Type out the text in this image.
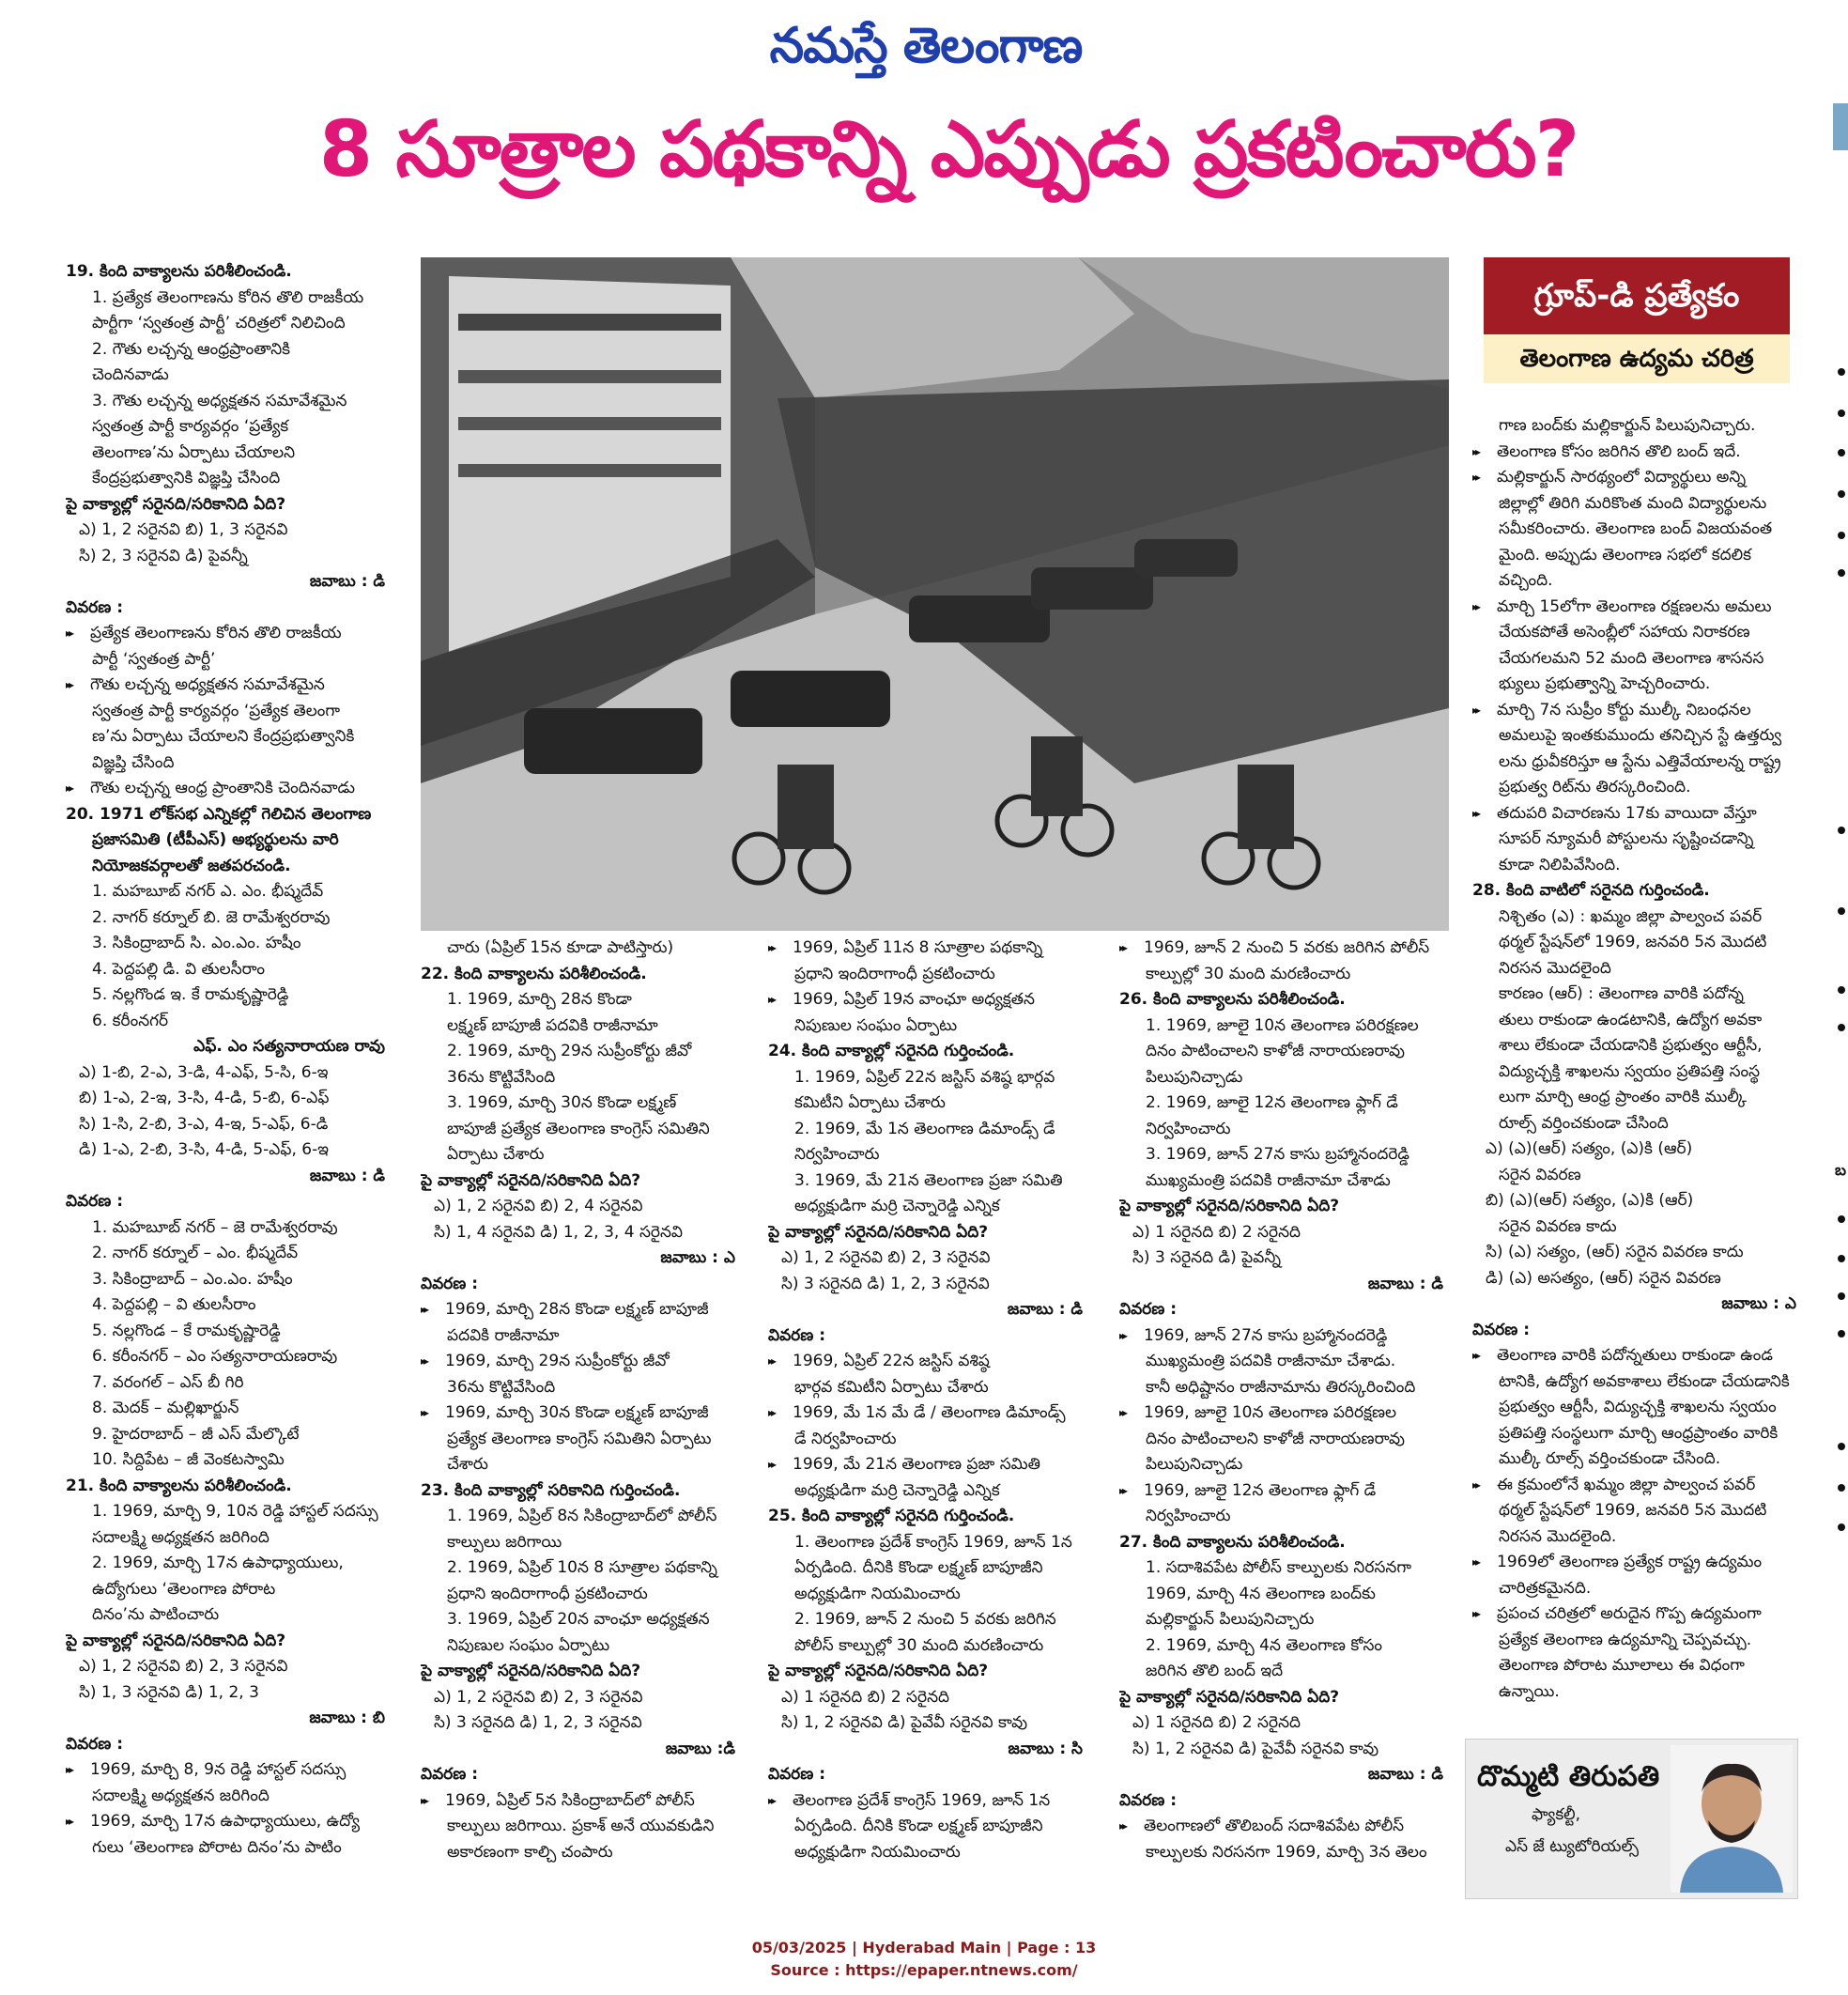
నమస్తే తెలంగాణ
8 సూత్రాల పథకాన్ని ఎప్పుడు ప్రకటించారు?
19. కింది వాక్యాలను పరిశీలించండి.
1. ప్రత్యేక తెలంగాణను కోరిన తొలి రాజకీయ
పార్టీగా ‘స్వతంత్ర పార్టీ’ చరిత్రలో నిలిచింది
2. గౌతు లచ్చన్న ఆంధ్రప్రాంతానికి
చెందినవాడు
3. గౌతు లచ్చన్న అధ్యక్షతన సమావేశమైన
స్వతంత్ర పార్టీ కార్యవర్గం ‘ప్రత్యేక
తెలంగాణ’ను ఏర్పాటు చేయాలని
కేంద్రప్రభుత్వానికి విజ్ఞప్తి చేసింది
పై వాక్యాల్లో సరైనది/సరికానిది ఏది?
ఎ) 1, 2 సరైనవి బి) 1, 3 సరైనవి
సి) 2, 3 సరైనవి డి) పైవన్నీ
జవాబు : డి
వివరణ :
▸▸ ప్రత్యేక తెలంగాణను కోరిన తొలి రాజకీయ
పార్టీ ‘స్వతంత్ర పార్టీ’
▸▸ గౌతు లచ్చన్న అధ్యక్షతన సమావేశమైన
స్వతంత్ర పార్టీ కార్యవర్గం ‘ప్రత్యేక తెలంగా
ణ’ను ఏర్పాటు చేయాలని కేంద్రప్రభుత్వానికి
విజ్ఞప్తి చేసింది
▸▸ గౌతు లచ్చన్న ఆంధ్ర ప్రాంతానికి చెందినవాడు
20. 1971 లోక్‌సభ ఎన్నికల్లో గెలిచిన తెలంగాణ
ప్రజాసమితి (టీపీఎస్‌) అభ్యర్థులను వారి
నియోజకవర్గాలతో జతపరచండి.
1. మహబూబ్‌ నగర్‌ ఎ. ఎం. భీష్మదేవ్‌
2. నాగర్‌ కర్నూల్‌ బి. జె రామేశ్వరరావు
3. సికింద్రాబాద్‌ సి. ఎం.ఎం. హషీం
4. పెద్దపల్లి డి. వి తులసీరాం
5. నల్లగొండ ఇ. కే రామకృష్ణారెడ్డి
6. కరీంనగర్‌
ఎఫ్‌. ఎం సత్యనారాయణ రావు
ఎ) 1-బి, 2-ఎ, 3-డి, 4-ఎఫ్‌, 5-సి, 6-ఇ
బి) 1-ఎ, 2-ఇ, 3-సి, 4-డి, 5-బి, 6-ఎఫ్‌
సి) 1-సి, 2-బి, 3-ఎ, 4-ఇ, 5-ఎఫ్‌, 6-డి
డి) 1-ఎ, 2-బి, 3-సి, 4-డి, 5-ఎఫ్‌, 6-ఇ
జవాబు : డి
వివరణ :
1. మహబూబ్‌ నగర్‌ – జె రామేశ్వరరావు
2. నాగర్‌ కర్నూల్‌ – ఎం. భీష్మదేవ్‌
3. సికింద్రాబాద్‌ – ఎం.ఎం. హషీం
4. పెద్దపల్లి – వి తులసీరాం
5. నల్లగొండ – కే రామకృష్ణారెడ్డి
6. కరీంనగర్‌ – ఎం సత్యనారాయణరావు
7. వరంగల్‌ – ఎస్‌ బీ గిరి
8. మెదక్‌ – మల్లిఖార్జున్‌
9. హైదరాబాద్‌ – జీ ఎస్‌ మేల్కొటే
10. సిద్దిపేట – జీ వెంకటస్వామి
21. కింది వాక్యాలను పరిశీలించండి.
1. 1969, మార్చి 9, 10న రెడ్డి హాస్టల్‌ సదస్సు
సదాలక్ష్మి అధ్యక్షతన జరిగింది
2. 1969, మార్చి 17న ఉపాధ్యాయులు,
ఉద్యోగులు ‘తెలంగాణ పోరాట
దినం’ను పాటించారు
పై వాక్యాల్లో సరైనది/సరికానిది ఏది?
ఎ) 1, 2 సరైనవి బి) 2, 3 సరైనవి
సి) 1, 3 సరైనవి డి) 1, 2, 3
జవాబు : బి
వివరణ :
▸▸ 1969, మార్చి 8, 9న రెడ్డి హాస్టల్‌ సదస్సు
సదాలక్ష్మి అధ్యక్షతన జరిగింది
▸▸ 1969, మార్చి 17న ఉపాధ్యాయులు, ఉద్యో
గులు ‘తెలంగాణ పోరాట దినం’ను పాటిం
గ్రూప్‌-డి ప్రత్యేకం
తెలంగాణ ఉద్యమ చరిత్ర
చారు (ఏప్రిల్‌ 15న కూడా పాటిస్తారు)
22. కింది వాక్యాలను పరిశీలించండి.
1. 1969, మార్చి 28న కొండా
లక్ష్మణ్‌ బాపూజీ పదవికి రాజీనామా
2. 1969, మార్చి 29న సుప్రీంకోర్టు జీవో
36ను కొట్టివేసింది
3. 1969, మార్చి 30న కొండా లక్ష్మణ్‌
బాపూజీ ప్రత్యేక తెలంగాణ కాంగ్రెస్‌ సమితిని
ఏర్పాటు చేశారు
పై వాక్యాల్లో సరైనది/సరికానిది ఏది?
ఎ) 1, 2 సరైనవి బి) 2, 4 సరైనవి
సి) 1, 4 సరైనవి డి) 1, 2, 3, 4 సరైనవి
జవాబు : ఎ
వివరణ :
▸▸ 1969, మార్చి 28న కొండా లక్ష్మణ్‌ బాపూజీ
పదవికి రాజీనామా
▸▸ 1969, మార్చి 29న సుప్రీంకోర్టు జీవో
36ను కొట్టివేసింది
▸▸ 1969, మార్చి 30న కొండా లక్ష్మణ్‌ బాపూజీ
ప్రత్యేక తెలంగాణ కాంగ్రెస్‌ సమితిని ఏర్పాటు
చేశారు
23. కింది వాక్యాల్లో సరికానిది గుర్తించండి.
1. 1969, ఏప్రిల్‌ 8న సికింద్రాబాద్‌లో పోలీస్‌
కాల్పులు జరిగాయి
2. 1969, ఏప్రిల్‌ 10న 8 సూత్రాల పథకాన్ని
ప్రధాని ఇందిరాగాంధీ ప్రకటించారు
3. 1969, ఏప్రిల్‌ 20న వాంఛూ అధ్యక్షతన
నిపుణుల సంఘం ఏర్పాటు
పై వాక్యాల్లో సరైనది/సరికానిది ఏది?
ఎ) 1, 2 సరైనవి బి) 2, 3 సరైనవి
సి) 3 సరైనది డి) 1, 2, 3 సరైనవి
జవాబు :డి
వివరణ :
▸▸ 1969, ఏప్రిల్‌ 5న సికింద్రాబాద్‌లో పోలీస్‌
కాల్పులు జరిగాయి. ప్రకాశ్‌ అనే యువకుడిని
అకారణంగా కాల్చి చంపారు
▸▸ 1969, ఏప్రిల్‌ 11న 8 సూత్రాల పథకాన్ని
ప్రధాని ఇందిరాగాంధీ ప్రకటించారు
▸▸ 1969, ఏప్రిల్‌ 19న వాంఛూ అధ్యక్షతన
నిపుణుల సంఘం ఏర్పాటు
24. కింది వాక్యాల్లో సరైనది గుర్తించండి.
1. 1969, ఏప్రిల్‌ 22న జస్టిస్‌ వశిష్ఠ భార్గవ
కమిటీని ఏర్పాటు చేశారు
2. 1969, మే 1న తెలంగాణ డిమాండ్స్‌ డే
నిర్వహించారు
3. 1969, మే 21న తెలంగాణ ప్రజా సమితి
అధ్యక్షుడిగా మర్రి చెన్నారెడ్డి ఎన్నిక
పై వాక్యాల్లో సరైనది/సరికానిది ఏది?
ఎ) 1, 2 సరైనవి బి) 2, 3 సరైనవి
సి) 3 సరైనది డి) 1, 2, 3 సరైనవి
జవాబు : డి
వివరణ :
▸▸ 1969, ఏప్రిల్‌ 22న జస్టిస్‌ వశిష్ఠ
భార్గవ కమిటీని ఏర్పాటు చేశారు
▸▸ 1969, మే 1న మే డే / తెలంగాణ డిమాండ్స్‌
డే నిర్వహించారు
▸▸ 1969, మే 21న తెలంగాణ ప్రజా సమితి
అధ్యక్షుడిగా మర్రి చెన్నారెడ్డి ఎన్నిక
25. కింది వాక్యాల్లో సరైనది గుర్తించండి.
1. తెలంగాణ ప్రదేశ్‌ కాంగ్రెస్‌ 1969, జూన్‌ 1న
ఏర్పడింది. దీనికి కొండా లక్ష్మణ్‌ బాపూజీని
అధ్యక్షుడిగా నియమించారు
2. 1969, జూన్‌ 2 నుంచి 5 వరకు జరిగిన
పోలీస్‌ కాల్పుల్లో 30 మంది మరణించారు
పై వాక్యాల్లో సరైనది/సరికానిది ఏది?
ఎ) 1 సరైనది బి) 2 సరైనది
సి) 1, 2 సరైనవి డి) పైవేవీ సరైనవి కావు
జవాబు : సి
వివరణ :
▸▸ తెలంగాణ ప్రదేశ్‌ కాంగ్రెస్‌ 1969, జూన్‌ 1న
ఏర్పడింది. దీనికి కొండా లక్ష్మణ్‌ బాపూజీని
అధ్యక్షుడిగా నియమించారు
▸▸ 1969, జూన్‌ 2 నుంచి 5 వరకు జరిగిన పోలీస్‌
కాల్పుల్లో 30 మంది మరణించారు
26. కింది వాక్యాలను పరిశీలించండి.
1. 1969, జూలై 10న తెలంగాణ పరిరక్షణల
దినం పాటించాలని కాళోజీ నారాయణరావు
పిలుపునిచ్చాడు
2. 1969, జూలై 12న తెలంగాణ ఫ్లాగ్‌ డే
నిర్వహించారు
3. 1969, జూన్‌ 27న కాసు బ్రహ్మానందరెడ్డి
ముఖ్యమంత్రి పదవికి రాజీనామా చేశాడు
పై వాక్యాల్లో సరైనది/సరికానిది ఏది?
ఎ) 1 సరైనది బి) 2 సరైనది
సి) 3 సరైనది డి) పైవన్నీ
జవాబు : డి
వివరణ :
▸▸ 1969, జూన్‌ 27న కాసు బ్రహ్మానందరెడ్డి
ముఖ్యమంత్రి పదవికి రాజీనామా చేశాడు.
కానీ అధిష్టానం రాజీనామాను తిరస్కరించింది
▸▸ 1969, జూలై 10న తెలంగాణ పరిరక్షణల
దినం పాటించాలని కాళోజీ నారాయణరావు
పిలుపునిచ్చాడు
▸▸ 1969, జూలై 12న తెలంగాణ ఫ్లాగ్‌ డే
నిర్వహించారు
27. కింది వాక్యాలను పరిశీలించండి.
1. సదాశివపేట పోలీస్‌ కాల్పులకు నిరసనగా
1969, మార్చి 4న తెలంగాణ బంద్‌కు
మల్లికార్జున్‌ పిలుపునిచ్చారు
2. 1969, మార్చి 4న తెలంగాణ కోసం
జరిగిన తొలి బంద్‌ ఇదే
పై వాక్యాల్లో సరైనది/సరికానిది ఏది?
ఎ) 1 సరైనది బి) 2 సరైనది
సి) 1, 2 సరైనవి డి) పైవేవీ సరైనవి కావు
జవాబు : డి
వివరణ :
▸▸ తెలంగాణలో తొలిబంద్‌ సదాశివపేట పోలీస్‌
కాల్పులకు నిరసనగా 1969, మార్చి 3న తెలం
గాణ బంద్‌కు మల్లికార్జున్‌ పిలుపునిచ్చారు.
▸▸ తెలంగాణ కోసం జరిగిన తొలి బంద్‌ ఇదే.
▸▸ మల్లికార్జున్‌ సారథ్యంలో విద్యార్థులు అన్ని
జిల్లాల్లో తిరిగి మరికొంత మంది విద్యార్థులను
సమీకరించారు. తెలంగాణ బంద్‌ విజయవంత
మైంది. అప్పుడు తెలంగాణ సభలో కదలిక
వచ్చింది.
▸▸ మార్చి 15లోగా తెలంగాణ రక్షణలను అమలు
చేయకపోతే అసెంబ్లీలో సహాయ నిరాకరణ
చేయగలమని 52 మంది తెలంగాణ శాసనస
భ్యులు ప్రభుత్వాన్ని హెచ్చరించారు.
▸▸ మార్చి 7న సుప్రీం కోర్టు ముల్కీ నిబంధనల
అమలుపై ఇంతకుముందు తనిచ్చిన స్టే ఉత్తర్వు
లను ధ్రువీకరిస్తూ ఆ స్టేను ఎత్తివేయాలన్న రాష్ట్ర
ప్రభుత్వ రిట్‌ను తిరస్కరించింది.
▸▸ తదుపరి విచారణను 17కు వాయిదా వేస్తూ
సూపర్‌ న్యూమరీ పోస్టులను సృష్టించడాన్ని
కూడా నిలిపివేసింది.
28. కింది వాటిలో సరైనది గుర్తించండి.
నిశ్చితం (ఎ) : ఖమ్మం జిల్లా పాల్వంచ పవర్‌
థర్మల్‌ స్టేషన్‌లో 1969, జనవరి 5న మొదటి
నిరసన మొదలైంది
కారణం (ఆర్‌) : తెలంగాణ వారికి పదోన్న
తులు రాకుండా ఉండటానికి, ఉద్యోగ అవకా
శాలు లేకుండా చేయడానికి ప్రభుత్వం ఆర్టీసీ,
విద్యుచ్ఛక్తి శాఖలను స్వయం ప్రతిపత్తి సంస్థ
లుగా మార్చి ఆంధ్ర ప్రాంతం వారికి ముల్కీ
రూల్స్‌ వర్తించకుండా చేసింది
ఎ) (ఎ)(ఆర్‌) సత్యం, (ఎ)కి (ఆర్‌)
సరైన వివరణ
బి) (ఎ)(ఆర్‌) సత్యం, (ఎ)కి (ఆర్‌)
సరైన వివరణ కాదు
సి) (ఎ) సత్యం, (ఆర్‌) సరైన వివరణ కాదు
డి) (ఎ) అసత్యం, (ఆర్‌) సరైన వివరణ
జవాబు : ఎ
వివరణ :
▸▸ తెలంగాణ వారికి పదోన్నతులు రాకుండా ఉండ
టానికి, ఉద్యోగ అవకాశాలు లేకుండా చేయడానికి
ప్రభుత్వం ఆర్టీసీ, విద్యుచ్ఛక్తి శాఖలను స్వయం
ప్రతిపత్తి సంస్థలుగా మార్చి ఆంధ్రప్రాంతం వారికి
ముల్కీ రూల్స్‌ వర్తించకుండా చేసింది.
▸▸ ఈ క్రమంలోనే ఖమ్మం జిల్లా పాల్వంచ పవర్‌
థర్మల్‌ స్టేషన్‌లో 1969, జనవరి 5న మొదటి
నిరసన మొదలైంది.
▸▸ 1969లో తెలంగాణ ప్రత్యేక రాష్ట్ర ఉద్యమం
చారిత్రకమైనది.
▸▸ ప్రపంచ చరిత్రలో అరుదైన గొప్ప ఉద్యమంగా
ప్రత్యేక తెలంగాణ ఉద్యమాన్ని చెప్పవచ్చు.
తెలంగాణ పోరాట మూలాలు ఈ విధంగా
ఉన్నాయి.
దొమ్మటి తిరుపతి
ఫ్యాకల్టీ,
ఎస్‌ జే ట్యుటోరియల్స్‌
బ
05/03/2025 | Hyderabad Main | Page : 13
Source : https://epaper.ntnews.com/
